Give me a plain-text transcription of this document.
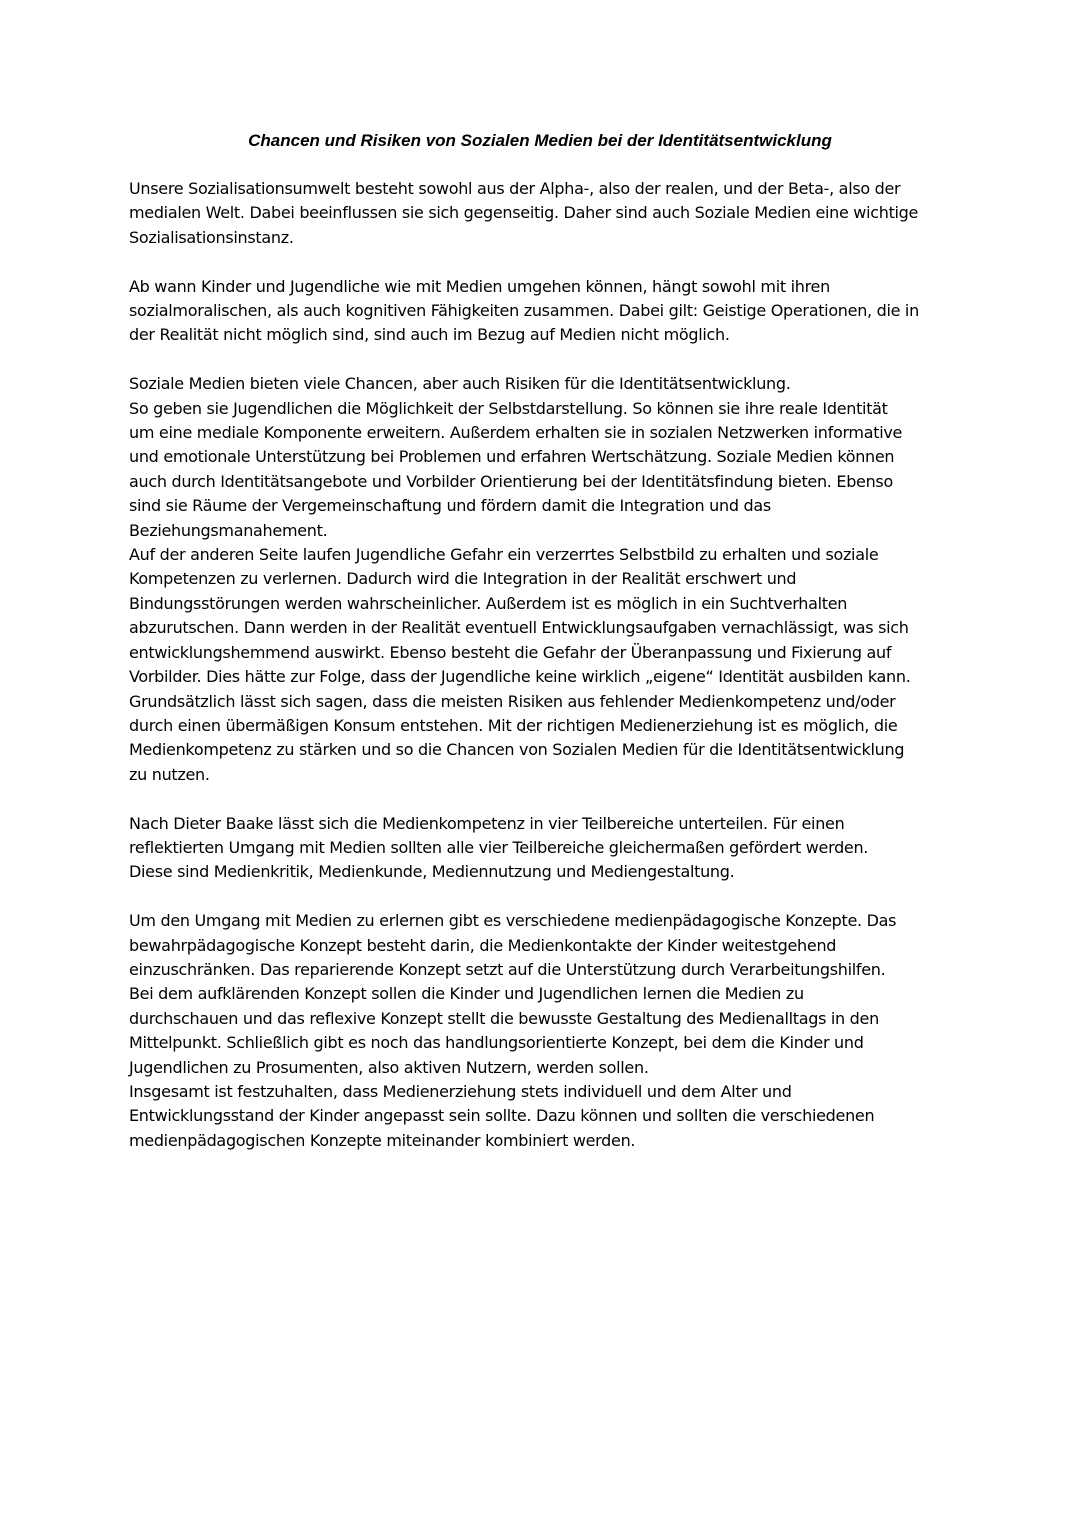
Chancen und Risiken von Sozialen Medien bei der Identitätsentwicklung

Unsere Sozialisationsumwelt besteht sowohl aus der Alpha-, also der realen, und der Beta-, also der
medialen Welt. Dabei beeinflussen sie sich gegenseitig. Daher sind auch Soziale Medien eine wichtige
Sozialisationsinstanz.

Ab wann Kinder und Jugendliche wie mit Medien umgehen können, hängt sowohl mit ihren
sozialmoralischen, als auch kognitiven Fähigkeiten zusammen. Dabei gilt: Geistige Operationen, die in
der Realität nicht möglich sind, sind auch im Bezug auf Medien nicht möglich.

Soziale Medien bieten viele Chancen, aber auch Risiken für die Identitätsentwicklung.
So geben sie Jugendlichen die Möglichkeit der Selbstdarstellung. So können sie ihre reale Identität
um eine mediale Komponente erweitern. Außerdem erhalten sie in sozialen Netzwerken informative
und emotionale Unterstützung bei Problemen und erfahren Wertschätzung. Soziale Medien können
auch durch Identitätsangebote und Vorbilder Orientierung bei der Identitätsfindung bieten. Ebenso
sind sie Räume der Vergemeinschaftung und fördern damit die Integration und das
Beziehungsmanahement.
Auf der anderen Seite laufen Jugendliche Gefahr ein verzerrtes Selbstbild zu erhalten und soziale
Kompetenzen zu verlernen. Dadurch wird die Integration in der Realität erschwert und
Bindungsstörungen werden wahrscheinlicher. Außerdem ist es möglich in ein Suchtverhalten
abzurutschen. Dann werden in der Realität eventuell Entwicklungsaufgaben vernachlässigt, was sich
entwicklungshemmend auswirkt. Ebenso besteht die Gefahr der Überanpassung und Fixierung auf
Vorbilder. Dies hätte zur Folge, dass der Jugendliche keine wirklich „eigene“ Identität ausbilden kann.
Grundsätzlich lässt sich sagen, dass die meisten Risiken aus fehlender Medienkompetenz und/oder
durch einen übermäßigen Konsum entstehen. Mit der richtigen Medienerziehung ist es möglich, die
Medienkompetenz zu stärken und so die Chancen von Sozialen Medien für die Identitätsentwicklung
zu nutzen.

Nach Dieter Baake lässt sich die Medienkompetenz in vier Teilbereiche unterteilen. Für einen
reflektierten Umgang mit Medien sollten alle vier Teilbereiche gleichermaßen gefördert werden.
Diese sind Medienkritik, Medienkunde, Mediennutzung und Mediengestaltung.

Um den Umgang mit Medien zu erlernen gibt es verschiedene medienpädagogische Konzepte. Das
bewahrpädagogische Konzept besteht darin, die Medienkontakte der Kinder weitestgehend
einzuschränken. Das reparierende Konzept setzt auf die Unterstützung durch Verarbeitungshilfen.
Bei dem aufklärenden Konzept sollen die Kinder und Jugendlichen lernen die Medien zu
durchschauen und das reflexive Konzept stellt die bewusste Gestaltung des Medienalltags in den
Mittelpunkt. Schließlich gibt es noch das handlungsorientierte Konzept, bei dem die Kinder und
Jugendlichen zu Prosumenten, also aktiven Nutzern, werden sollen.
Insgesamt ist festzuhalten, dass Medienerziehung stets individuell und dem Alter und
Entwicklungsstand der Kinder angepasst sein sollte. Dazu können und sollten die verschiedenen
medienpädagogischen Konzepte miteinander kombiniert werden.
